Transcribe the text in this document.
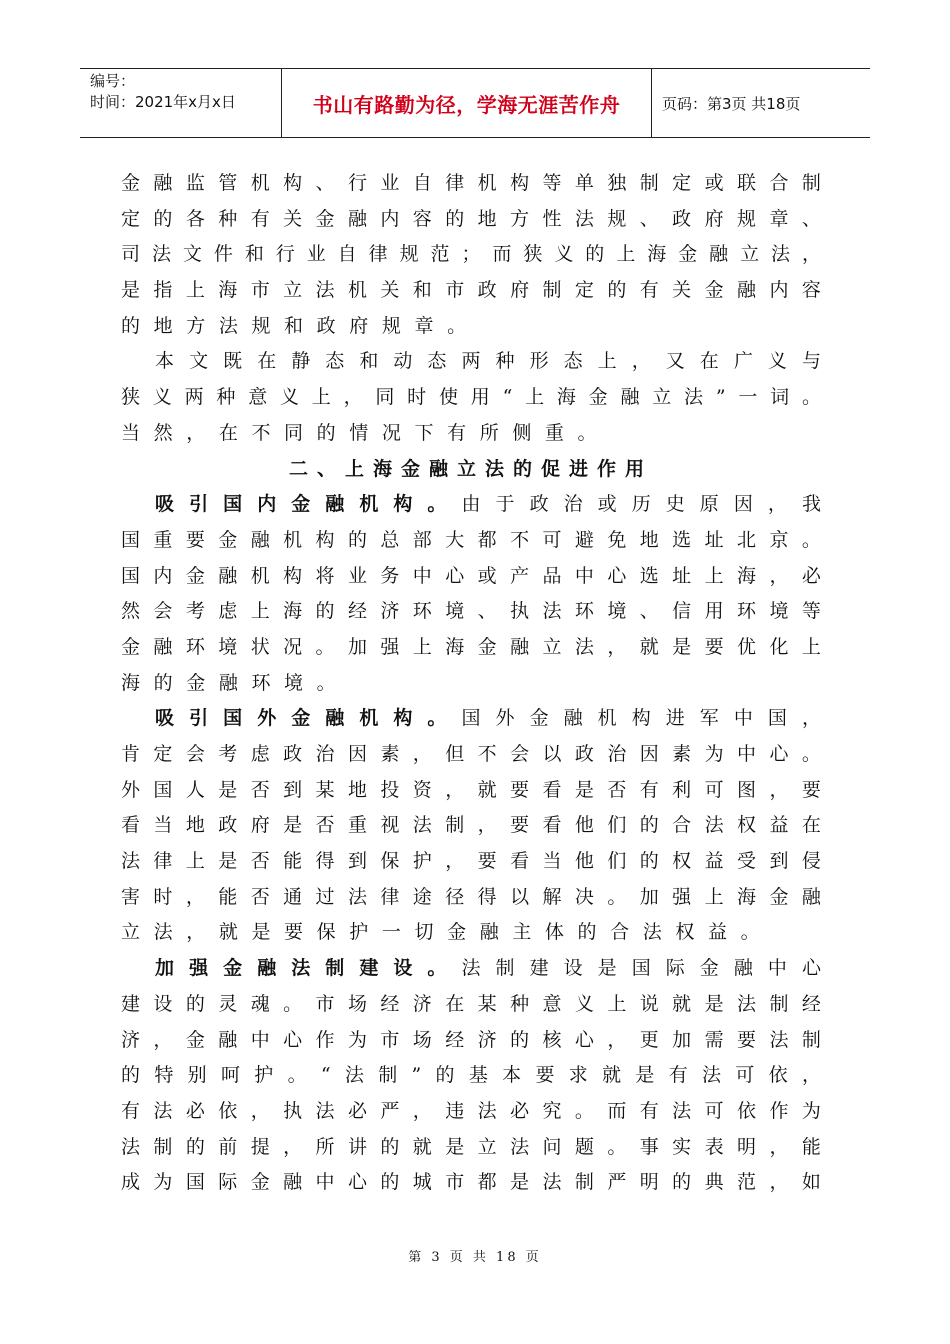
编号：
时间：2021年x月x日	书山有路勤为径，学海无涯苦作舟	页码：第3页 共18页
金 融 监 管 机 构 、 行 业 自 律 机 构 等 单 独 制 定 或 联 合 制
定 的 各 种 有 关 金 融 内 容 的 地 方 性 法 规 、 政 府 规 章 、
司 法 文 件 和 行 业 自 律 规 范 ； 而 狭 义 的 上 海 金 融 立 法 ，
是 指 上 海 市 立 法 机 关 和 市 政 府 制 定 的 有 关 金 融 内 容
的 地 方 法 规 和 政 府 规 章 。

本 文 既 在 静 态 和 动 态 两 种 形 态 上 ， 又 在 广 义 与
狭 义 两 种 意 义 上 ， 同 时 使 用 “ 上 海 金 融 立 法 ” 一 词 。
当 然 ， 在 不 同 的 情 况 下 有 所 侧 重 。
二、上海金融立法的促进作用

吸 引 国 内 金 融 机 构 。 由 于 政 治 或 历 史 原 因 ， 我
国 重 要 金 融 机 构 的 总 部 大 都 不 可 避 免 地 选 址 北 京 。
国 内 金 融 机 构 将 业 务 中 心 或 产 品 中 心 选 址 上 海 ， 必
然 会 考 虑 上 海 的 经 济 环 境 、 执 法 环 境 、 信 用 环 境 等
金 融 环 境 状 况 。 加 强 上 海 金 融 立 法 ， 就 是 要 优 化 上
海 的 金 融 环 境 。

吸 引 国 外 金 融 机 构 。 国 外 金 融 机 构 进 军 中 国 ，
肯 定 会 考 虑 政 治 因 素 ， 但 不 会 以 政 治 因 素 为 中 心 。
外 国 人 是 否 到 某 地 投 资 ， 就 要 看 是 否 有 利 可 图 ， 要
看 当 地 政 府 是 否 重 视 法 制 ， 要 看 他 们 的 合 法 权 益 在
法 律 上 是 否 能 得 到 保 护 ， 要 看 当 他 们 的 权 益 受 到 侵
害 时 ， 能 否 通 过 法 律 途 径 得 以 解 决 。 加 强 上 海 金 融
立 法 ， 就 是 要 保 护 一 切 金 融 主 体 的 合 法 权 益 。

加 强 金 融 法 制 建 设 。 法 制 建 设 是 国 际 金 融 中 心
建 设 的 灵 魂 。 市 场 经 济 在 某 种 意 义 上 说 就 是 法 制 经
济 ， 金 融 中 心 作 为 市 场 经 济 的 核 心 ， 更 加 需 要 法 制
的 特 别 呵 护 。 “ 法 制 ” 的 基 本 要 求 就 是 有 法 可 依 ，
有 法 必 依 ， 执 法 必 严 ， 违 法 必 究 。 而 有 法 可 依 作 为
法 制 的 前 提 ， 所 讲 的 就 是 立 法 问 题 。 事 实 表 明 ， 能
成 为 国 际 金 融 中 心 的 城 市 都 是 法 制 严 明 的 典 范 ， 如
第 3 页 共 18 页
